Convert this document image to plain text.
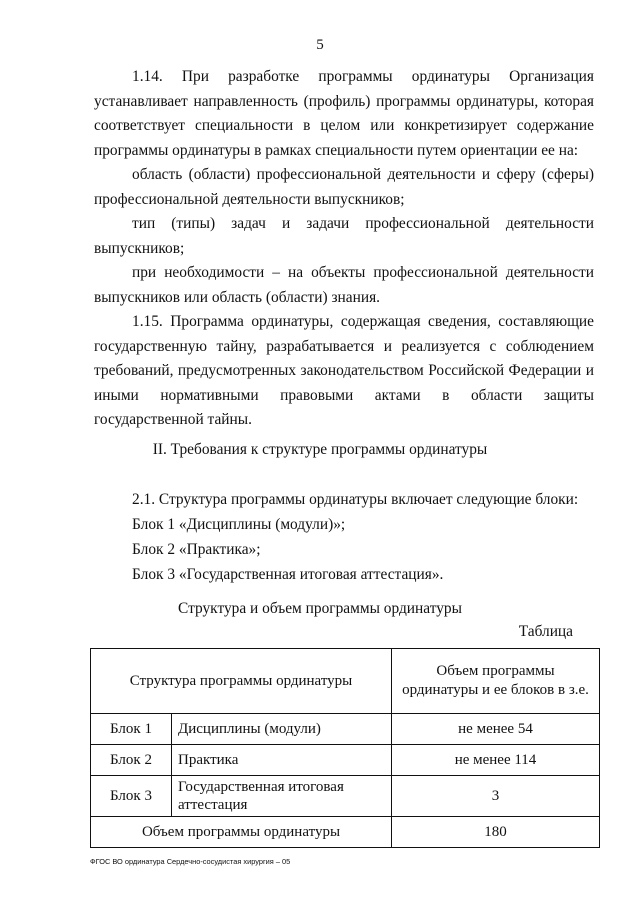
5

1.14. При разработке программы ординатуры Организация устанавливает направленность (профиль) программы ординатуры, которая соответствует специальности в целом или конкретизирует содержание программы ординатуры в рамках специальности путем ориентации ее на:

область (области) профессиональной деятельности и сферу (сферы) профессиональной деятельности выпускников;

тип (типы) задач и задачи профессиональной деятельности выпускников;

при необходимости – на объекты профессиональной деятельности выпускников или область (области) знания.

1.15. Программа ординатуры, содержащая сведения, составляющие государственную тайну, разрабатывается и реализуется с соблюдением требований, предусмотренных законодательством Российской Федерации и иными нормативными правовыми актами в области защиты государственной тайны.

II. Требования к структуре программы ординатуры

2.1. Структура программы ординатуры включает следующие блоки:

Блок 1 «Дисциплины (модули)»;

Блок 2 «Практика»;

Блок 3 «Государственная итоговая аттестация».

Структура и объем программы ординатуры
Таблица
Структура программы ординатуры		Объем программы ординатуры и ее блоков в з.е.
Блок 1	Дисциплины (модули)	не менее 54
Блок 2	Практика	не менее 114
Блок 3	Государственная итоговая аттестация	3
Объем программы ординатуры		180
ФГОС ВО ординатура Сердечно-сосудистая хирургия – 05
